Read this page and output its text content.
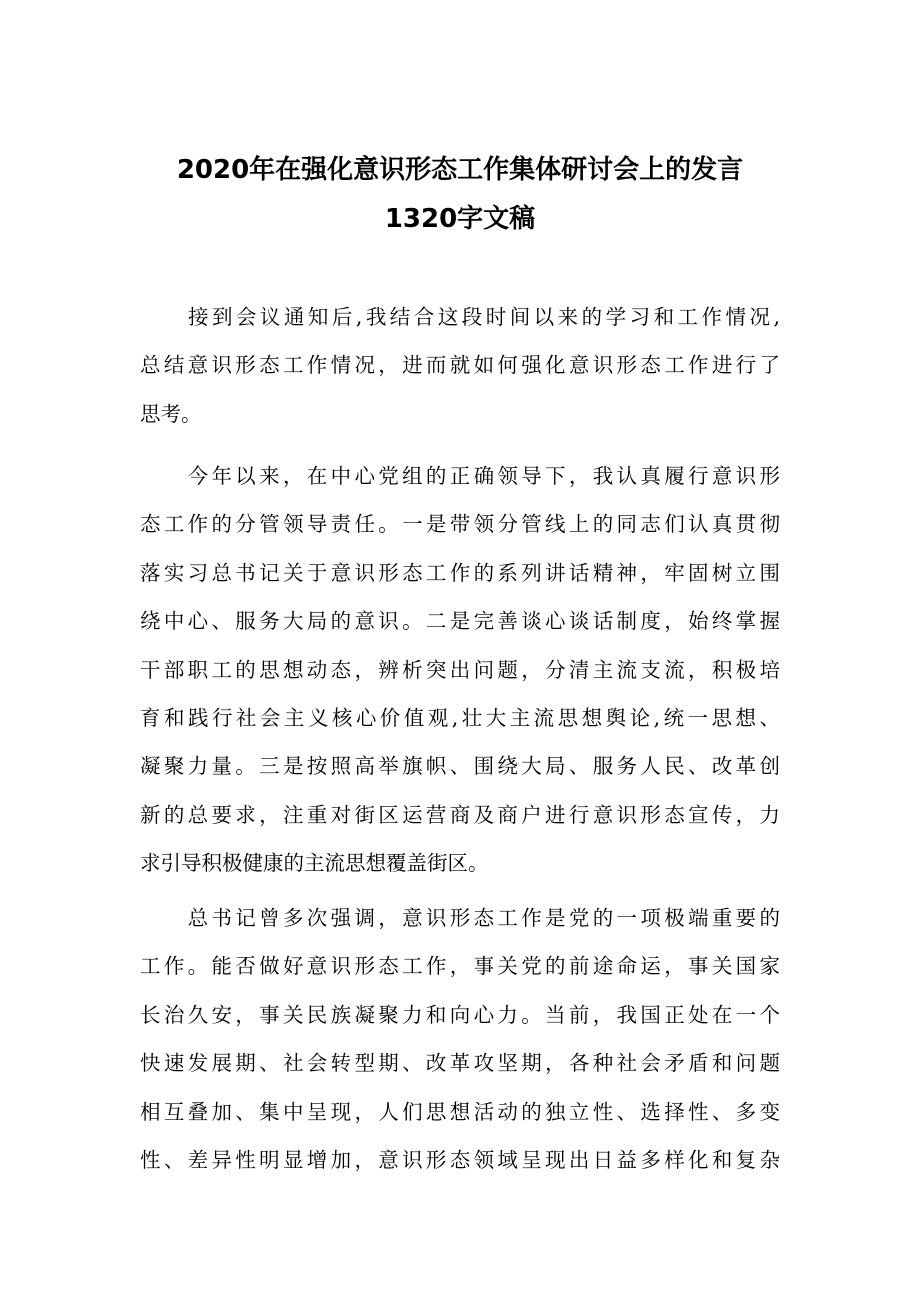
2020年在强化意识形态工作集体研讨会上的发言
1320字文稿
　　接到会议通知后,我结合这段时间以来的学习和工作情况,
总结意识形态工作情况，进而就如何强化意识形态工作进行了
思考。
　　今年以来，在中心党组的正确领导下，我认真履行意识形
态工作的分管领导责任。一是带领分管线上的同志们认真贯彻
落实习总书记关于意识形态工作的系列讲话精神，牢固树立围
绕中心、服务大局的意识。二是完善谈心谈话制度，始终掌握
干部职工的思想动态，辨析突出问题，分清主流支流，积极培
育和践行社会主义核心价值观,壮大主流思想舆论,统一思想、
凝聚力量。三是按照高举旗帜、围绕大局、服务人民、改革创
新的总要求，注重对街区运营商及商户进行意识形态宣传，力
求引导积极健康的主流思想覆盖街区。
　　总书记曾多次强调，意识形态工作是党的一项极端重要的
工作。能否做好意识形态工作，事关党的前途命运，事关国家
长治久安，事关民族凝聚力和向心力。当前，我国正处在一个
快速发展期、社会转型期、改革攻坚期，各种社会矛盾和问题
相互叠加、集中呈现，人们思想活动的独立性、选择性、多变
性、差异性明显增加，意识形态领域呈现出日益多样化和复杂
